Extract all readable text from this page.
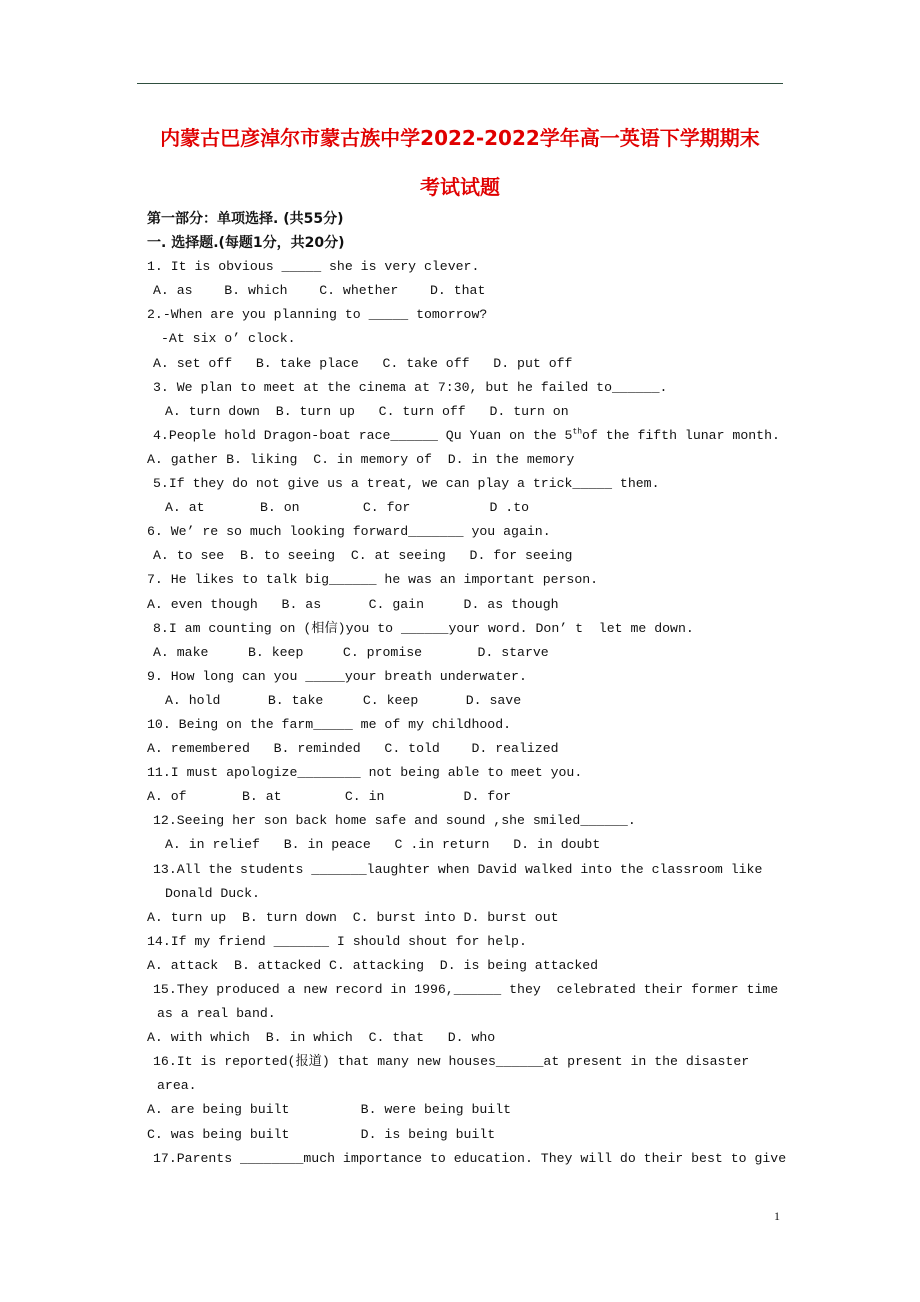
内蒙古巴彦淖尔市蒙古族中学2022-2022学年高一英语下学期期末
考试试题
第一部分：单项选择. (共55分)
一. 选择题.(每题1分，共20分)
1. It is obvious _____ she is very clever.
A. as    B. which    C. whether    D. that
2.-When are you planning to _____ tomorrow?
-At six o’ clock.
A. set off   B. take place   C. take off   D. put off
3. We plan to meet at the cinema at 7:30, but he failed to______.
A. turn down  B. turn up   C. turn off   D. turn on
4.People hold Dragon-boat race______ Qu Yuan on the 5thof the fifth lunar month.
A. gather B. liking  C. in memory of  D. in the memory
5.If they do not give us a treat, we can play a trick_____ them.
A. at       B. on        C. for          D .to
6. We’ re so much looking forward_______ you again.
A. to see  B. to seeing  C. at seeing   D. for seeing
7. He likes to talk big______ he was an important person.
A. even though   B. as      C. gain     D. as though
8.I am counting on (相信)you to ______your word. Don’ t  let me down.
A. make     B. keep     C. promise       D. starve
9. How long can you _____your breath underwater.
A. hold      B. take     C. keep      D. save
10. Being on the farm_____ me of my childhood.
A. remembered   B. reminded   C. told    D. realized
11.I must apologize________ not being able to meet you.
A. of       B. at        C. in          D. for
12.Seeing her son back home safe and sound ,she smiled______.
A. in relief   B. in peace   C .in return   D. in doubt
13.All the students _______laughter when David walked into the classroom like
Donald Duck.
A. turn up  B. turn down  C. burst into D. burst out
14.If my friend _______ I should shout for help.
A. attack  B. attacked C. attacking  D. is being attacked
15.They produced a new record in 1996,______ they  celebrated their former time
as a real band.
A. with which  B. in which  C. that   D. who
16.It is reported(报道) that many new houses______at present in the disaster
area.
A. are being built         B. were being built
C. was being built         D. is being built
17.Parents ________much importance to education. They will do their best to give
1
